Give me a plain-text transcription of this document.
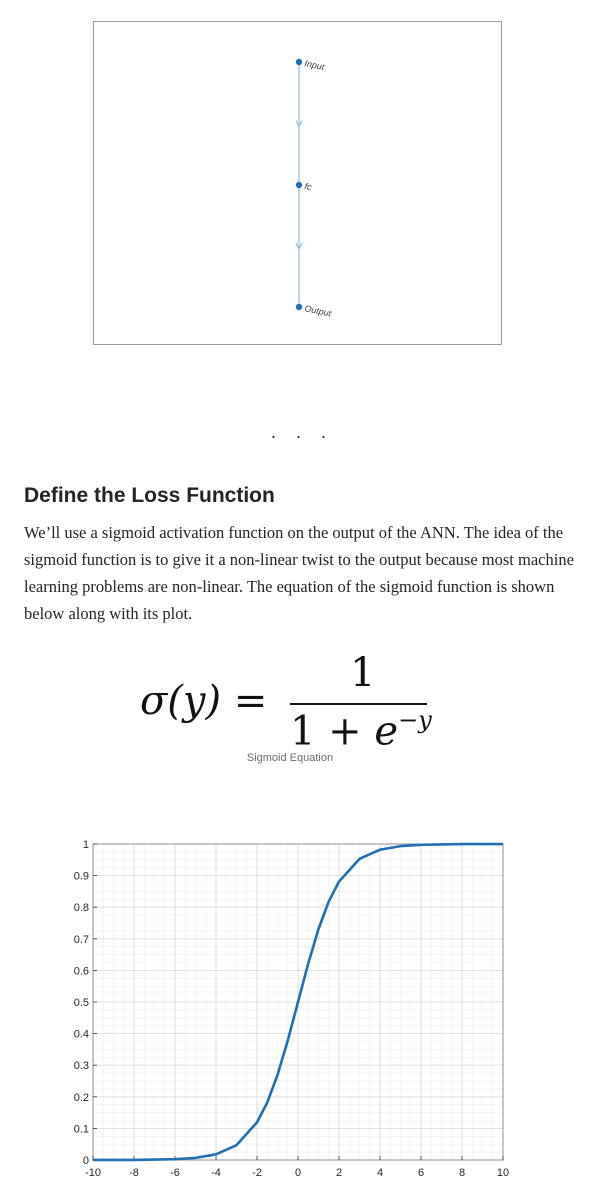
Input
fc
Output
. . .
Define the Loss Function

We’ll use a sigmoid activation function on the output of the ANN. The idea of the sigmoid function is to give it a non-linear twist to the output because most machine learning problems are non-linear. The equation of the sigmoid function is shown below along with its plot.

σ(y) =
1
$1 + e^{-y}$
Sigmoid Equation
-10	-8	-6	-4	-2	0	2	4	6	8	10
0
0.1
0.2
0.3
0.4
0.5
0.6
0.7
0.8
0.9
1
